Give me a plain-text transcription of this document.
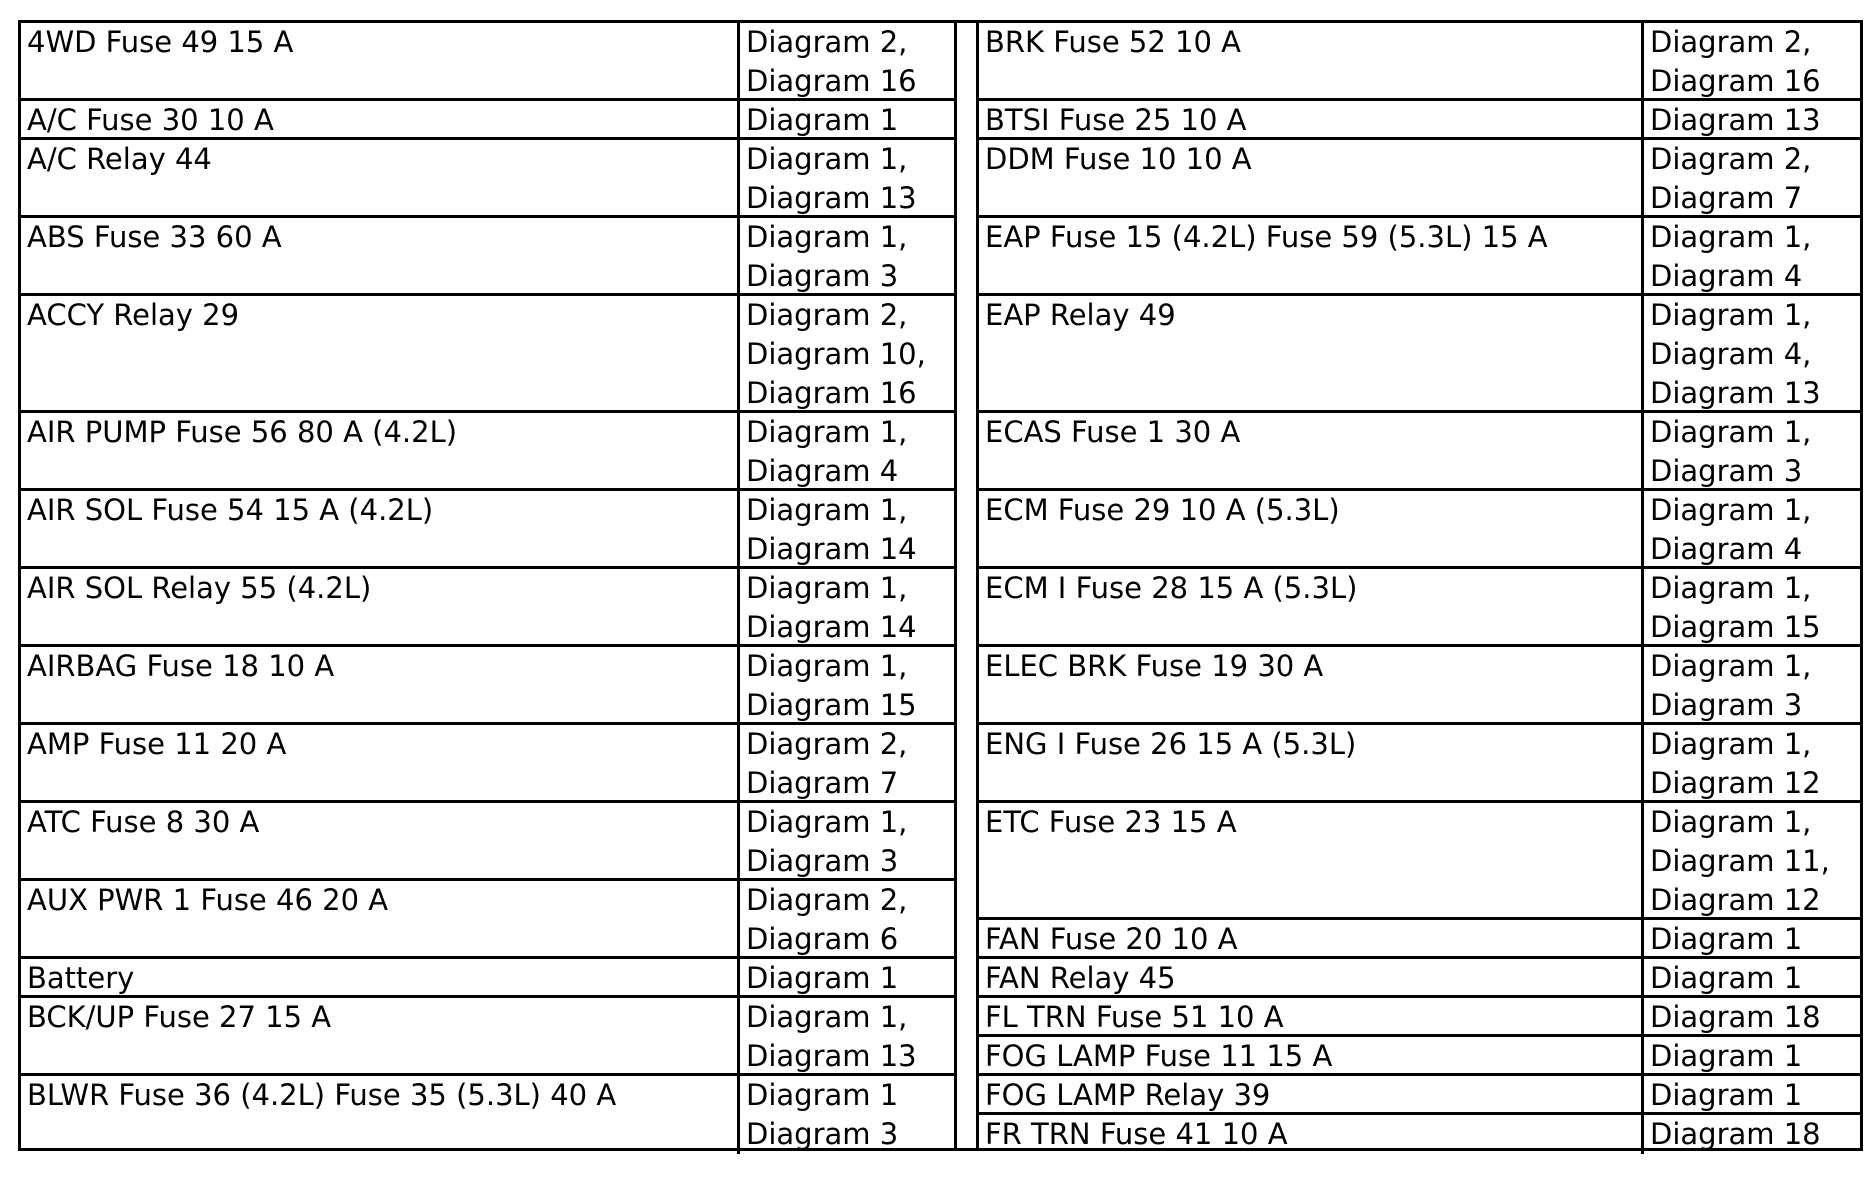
4WD Fuse 49 15 A	Diagram 2,
Diagram 16
A/C Fuse 30 10 A	Diagram 1
A/C Relay 44	Diagram 1,
Diagram 13
ABS Fuse 33 60 A	Diagram 1,
Diagram 3
ACCY Relay 29	Diagram 2,
Diagram 10,
Diagram 16
AIR PUMP Fuse 56 80 A (4.2L)	Diagram 1,
Diagram 4
AIR SOL Fuse 54 15 A (4.2L)	Diagram 1,
Diagram 14
AIR SOL Relay 55 (4.2L)	Diagram 1,
Diagram 14
AIRBAG Fuse 18 10 A	Diagram 1,
Diagram 15
AMP Fuse 11 20 A	Diagram 2,
Diagram 7
ATC Fuse 8 30 A	Diagram 1,
Diagram 3
AUX PWR 1 Fuse 46 20 A	Diagram 2,
Diagram 6
Battery	Diagram 1
BCK/UP Fuse 27 15 A	Diagram 1,
Diagram 13
BLWR Fuse 36 (4.2L) Fuse 35 (5.3L) 40 A	Diagram 1
Diagram 3
BRK Fuse 52 10 A	Diagram 2,
Diagram 16
BTSI Fuse 25 10 A	Diagram 13
DDM Fuse 10 10 A	Diagram 2,
Diagram 7
EAP Fuse 15 (4.2L) Fuse 59 (5.3L) 15 A	Diagram 1,
Diagram 4
EAP Relay 49	Diagram 1,
Diagram 4,
Diagram 13
ECAS Fuse 1 30 A	Diagram 1,
Diagram 3
ECM Fuse 29 10 A (5.3L)	Diagram 1,
Diagram 4
ECM I Fuse 28 15 A (5.3L)	Diagram 1,
Diagram 15
ELEC BRK Fuse 19 30 A	Diagram 1,
Diagram 3
ENG I Fuse 26 15 A (5.3L)	Diagram 1,
Diagram 12
ETC Fuse 23 15 A	Diagram 1,
Diagram 11,
Diagram 12
FAN Fuse 20 10 A	Diagram 1
FAN Relay 45	Diagram 1
FL TRN Fuse 51 10 A	Diagram 18
FOG LAMP Fuse 11 15 A	Diagram 1
FOG LAMP Relay 39	Diagram 1
FR TRN Fuse 41 10 A	Diagram 18
